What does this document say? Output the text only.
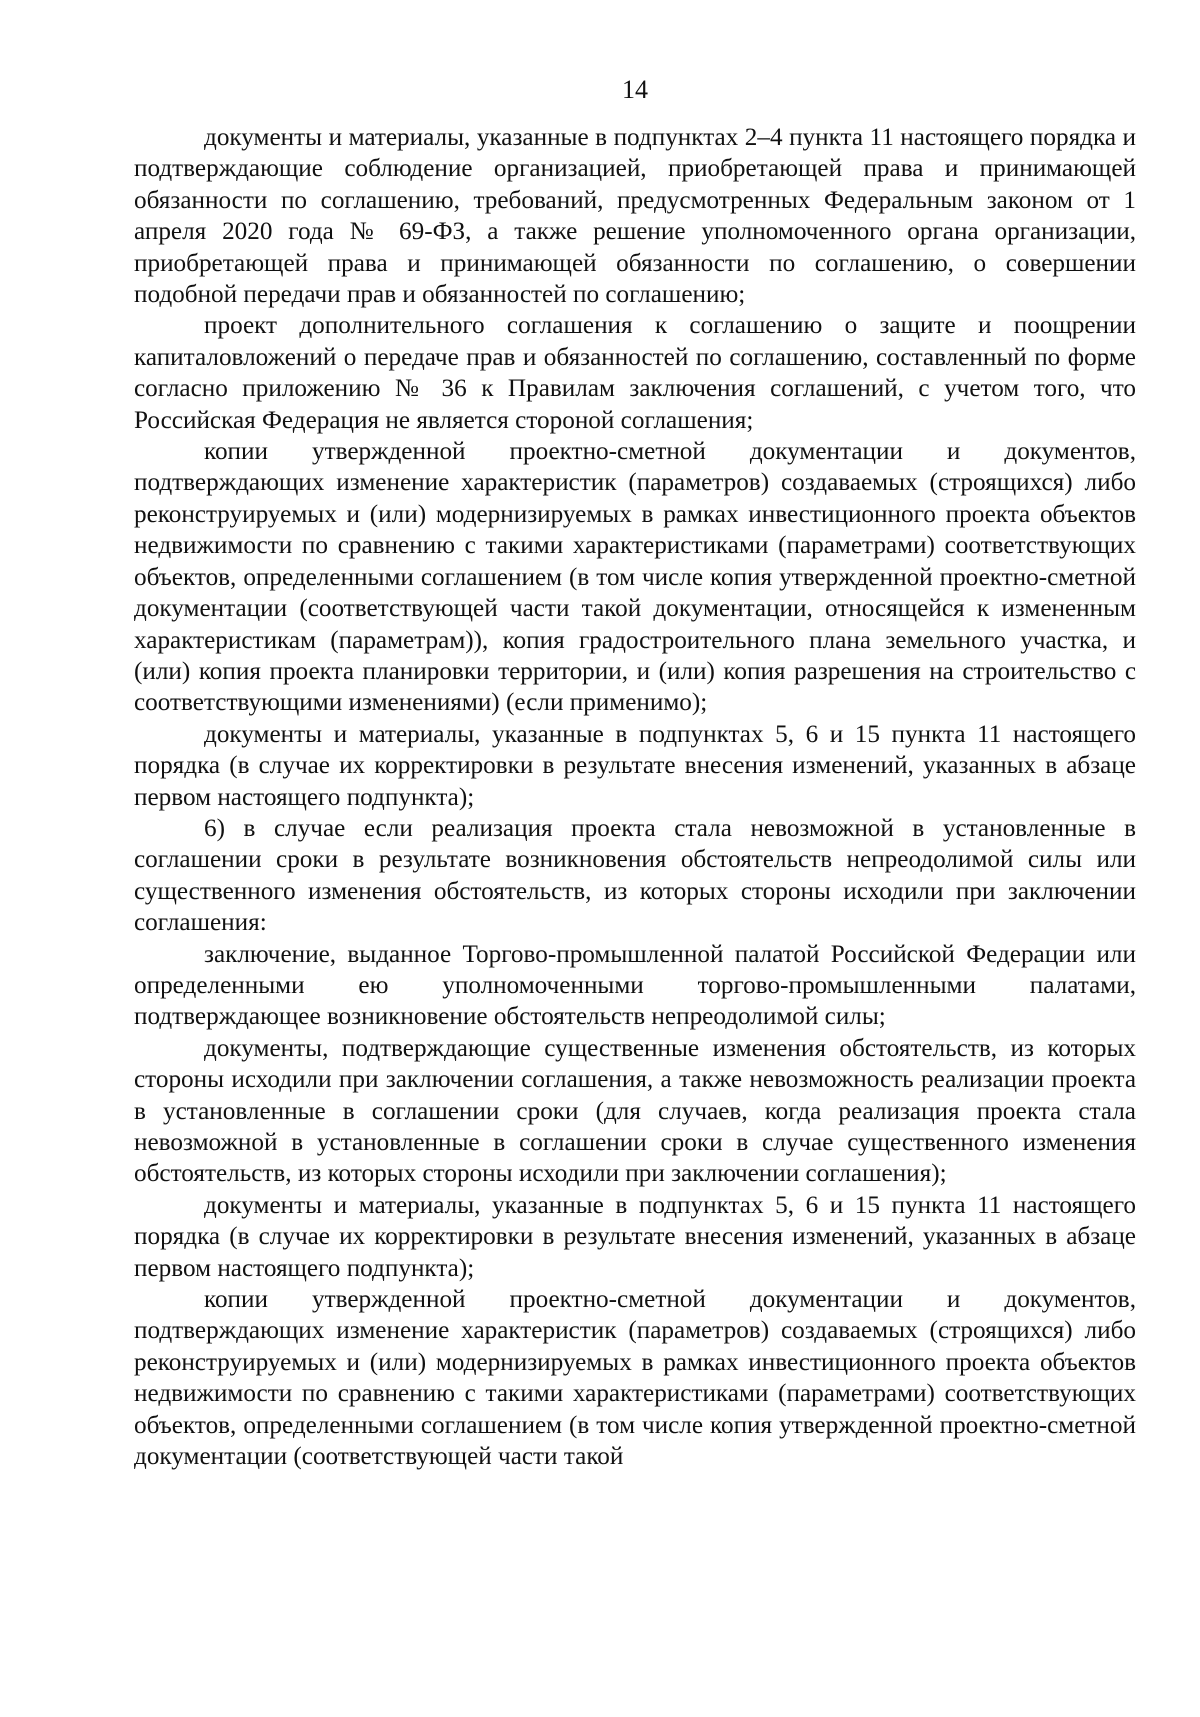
14

документы и материалы, указанные в подпунктах 2–4 пункта 11 настоящего порядка и подтверждающие соблюдение организацией, приобретающей права и принимающей обязанности по соглашению, требований, предусмотренных Федеральным законом от 1 апреля 2020 года № 69-ФЗ, а также решение уполномоченного органа организации, приобретающей права и принимающей обязанности по соглашению, о совершении подобной передачи прав и обязанностей по соглашению;

проект дополнительного соглашения к соглашению о защите и поощрении капиталовложений о передаче прав и обязанностей по соглашению, составленный по форме согласно приложению № 36 к Правилам заключения соглашений, с учетом того, что Российская Федерация не является стороной соглашения;

копии утвержденной проектно-сметной документации и документов, подтверждающих изменение характеристик (параметров) создаваемых (строящихся) либо реконструируемых и (или) модернизируемых в рамках инвестиционного проекта объектов недвижимости по сравнению с такими характеристиками (параметрами) соответствующих объектов, определенными соглашением (в том числе копия утвержденной проектно-сметной документации (соответствующей части такой документации, относящейся к измененным характеристикам (параметрам)), копия градостроительного плана земельного участка, и (или) копия проекта планировки территории, и (или) копия разрешения на строительство с соответствующими изменениями) (если применимо);

документы и материалы, указанные в подпунктах 5, 6 и 15 пункта 11 настоящего порядка (в случае их корректировки в результате внесения изменений, указанных в абзаце первом настоящего подпункта);

6) в случае если реализация проекта стала невозможной в установленные в соглашении сроки в результате возникновения обстоятельств непреодолимой силы или существенного изменения обстоятельств, из которых стороны исходили при заключении соглашения:

заключение, выданное Торгово-промышленной палатой Российской Федерации или определенными ею уполномоченными торгово-промышленными палатами, подтверждающее возникновение обстоятельств непреодолимой силы;

документы, подтверждающие существенные изменения обстоятельств, из которых стороны исходили при заключении соглашения, а также невозможность реализации проекта в установленные в соглашении сроки (для случаев, когда реализация проекта стала невозможной в установленные в соглашении сроки в случае существенного изменения обстоятельств, из которых стороны исходили при заключении соглашения);

документы и материалы, указанные в подпунктах 5, 6 и 15 пункта 11 настоящего порядка (в случае их корректировки в результате внесения изменений, указанных в абзаце первом настоящего подпункта);

копии утвержденной проектно-сметной документации и документов, подтверждающих изменение характеристик (параметров) создаваемых (строящихся) либо реконструируемых и (или) модернизируемых в рамках инвестиционного проекта объектов недвижимости по сравнению с такими характеристиками (параметрами) соответствующих объектов, определенными соглашением (в том числе копия утвержденной проектно-сметной документации (соответствующей части такой
